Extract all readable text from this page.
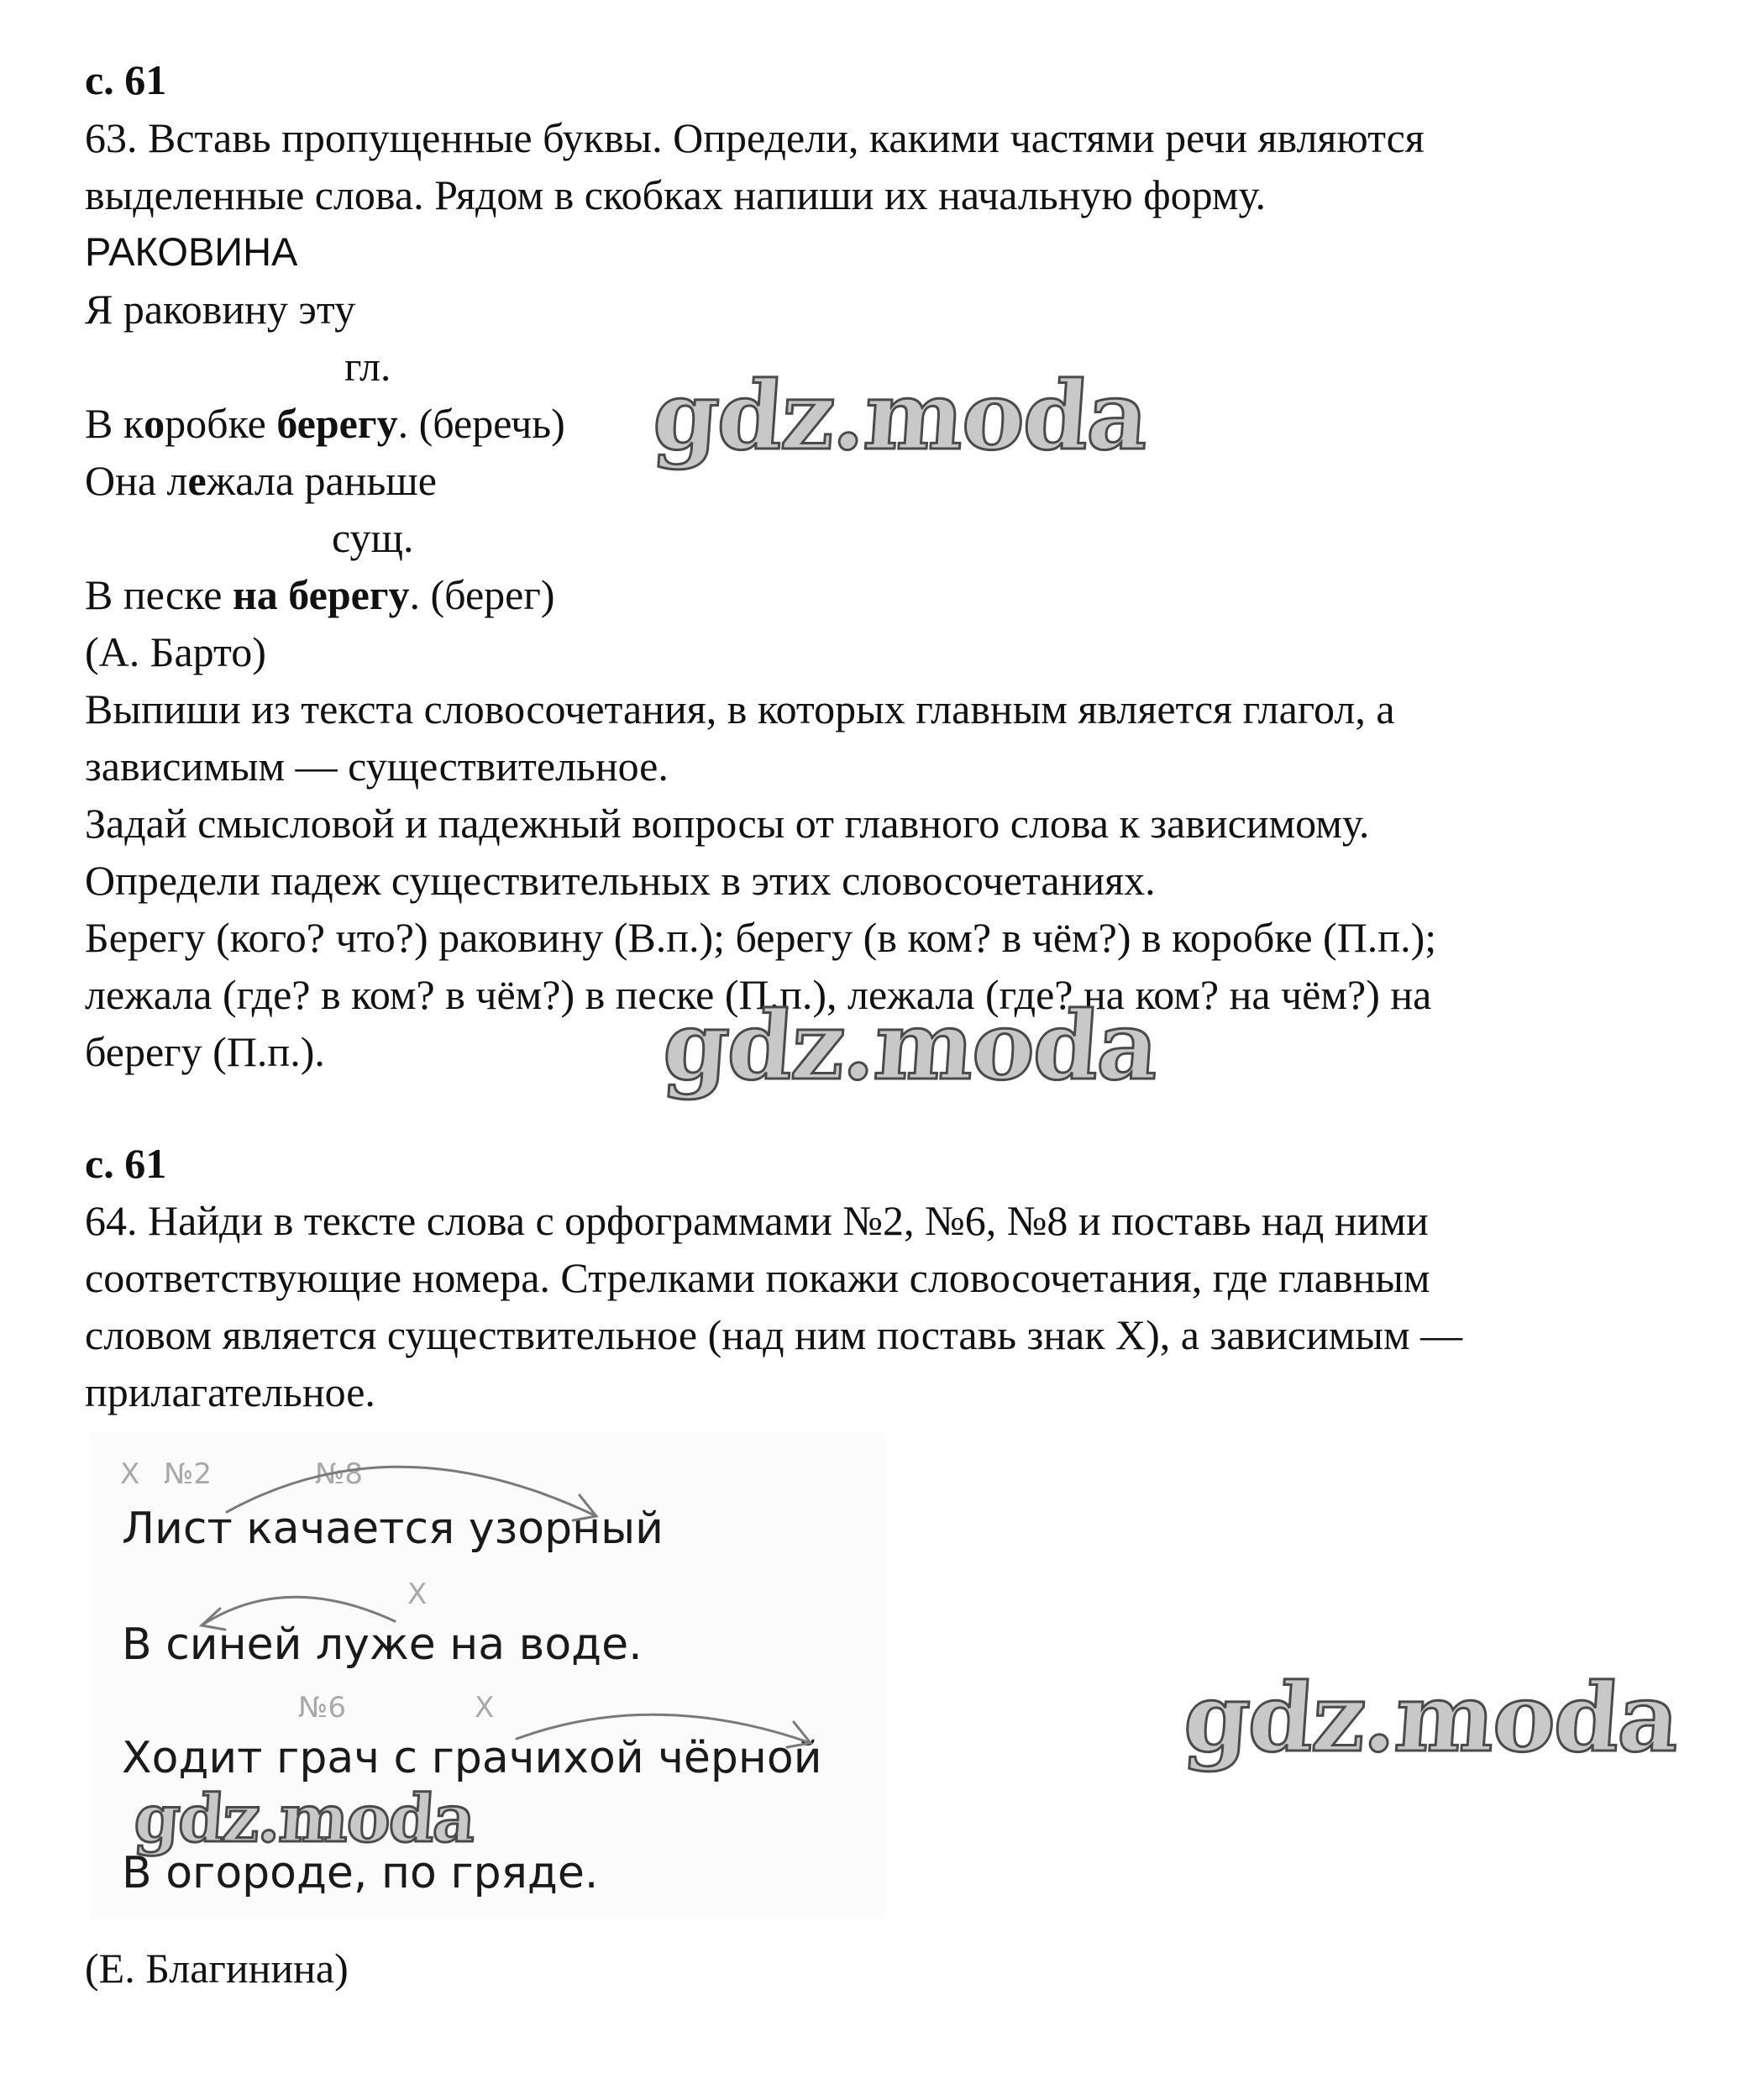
с. 61
63. Вставь пропущенные буквы. Определи, какими частями речи являются
выделенные слова. Рядом в скобках напиши их начальную форму.
РАКОВИНА
Я раковину эту
гл.
В коробке берегу. (беречь)
Она лежала раньше
сущ.
В песке на берегу. (берег)
(А. Барто)
Выпиши из текста словосочетания, в которых главным является глагол, а
зависимым — существительное.
Задай смысловой и падежный вопросы от главного слова к зависимому.
Определи падеж существительных в этих словосочетаниях.
Берегу (кого? что?) раковину (В.п.); берегу (в ком? в чём?) в коробке (П.п.);
лежала (где? в ком? в чём?) в песке (П.п.), лежала (где? на ком? на чём?) на
берегу (П.п.).
с. 61
64. Найди в тексте слова с орфограммами №2, №6, №8 и поставь над ними
соответствующие номера. Стрелками покажи словосочетания, где главным
словом является существительное (над ним поставь знак X), а зависимым —
прилагательное.
X №2	№8
X
№6	X
Лист качается узорный
В синей луже на воде.
Ходит грач с грачихой чёрной
В огороде, по гряде.
(Е. Благинина)
gdz.moda
gdz.moda
gdz.moda
gdz.moda
